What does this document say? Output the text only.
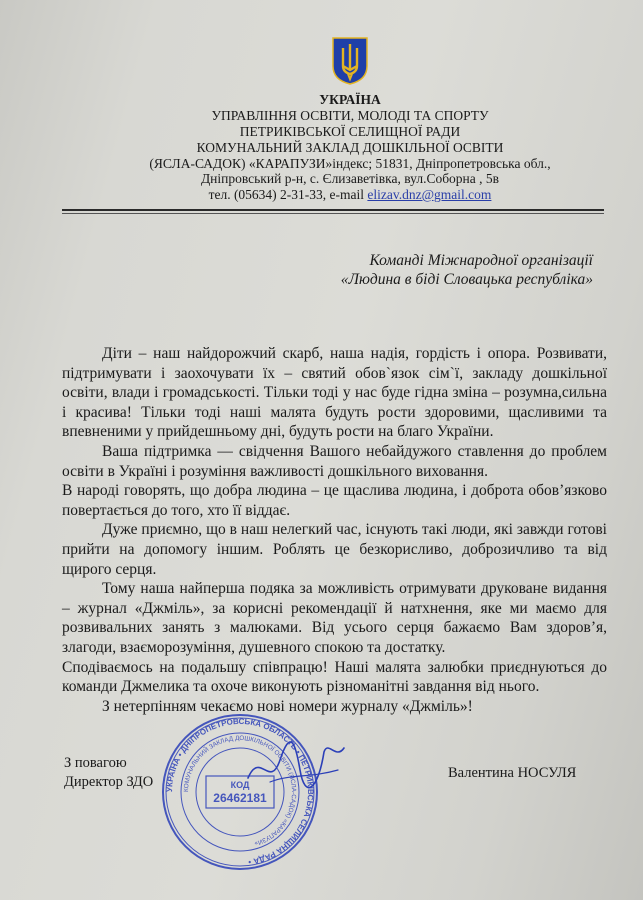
УКРАЇНА
УПРАВЛІННЯ ОСВІТИ, МОЛОДІ ТА СПОРТУ
ПЕТРИКІВСЬКОЇ СЕЛИЩНОЇ РАДИ
КОМУНАЛЬНИЙ ЗАКЛАД ДОШКІЛЬНОЇ ОСВІТИ
(ЯСЛА-САДОК) «КАРАПУЗИ»індекс; 51831, Дніпропетровська обл.,
Дніпровський р-н, с. Єлизаветівка, вул.Соборна , 5в
тел. (05634) 2-31-33, e-mail elizav.dnz@gmail.com
Команді Міжнародної організації
«Людина в біді Словацька республіка»

Діти – наш найдорожчий скарб, наша надія, гордість і опора. Розвивати, підтримувати і заохочувати їх – святий обов`язок сім`ї, закладу дошкільної освіти, влади і громадськості. Тільки тоді у нас буде гідна зміна – розумна,сильна і красива! Тільки тоді наші малята будуть рости здоровими, щасливими та впевненими у прийдешньому дні, будуть рости на благо України.

Ваша підтримка — свідчення Вашого небайдужого ставлення до проблем освіти в Україні і розуміння важливості дошкільного виховання.

В народі говорять, що добра людина – це щаслива людина, і доброта обов’язково повертається до того, хто її віддає.

Дуже приємно, що в наш нелегкий час, існують такі люди, які завжди готові прийти на допомогу іншим. Роблять це безкорисливо, доброзичливо та від щирого серця.

Тому наша найперша подяка за можливість отримувати друковане видання – журнал «Джміль», за корисні рекомендації й натхнення, яке ми маємо для розвивальних занять з малюками. Від усього серця бажаємо Вам здоров’я, злагоди, взаєморозуміння, душевного спокою та достатку.

Сподіваємось на подальшу співпрацю! Наші малята залюбки приєднуються до команди Джмелика та охоче виконують різноманітні завдання від нього.

З нетерпінням чекаємо нові номери журналу «Джміль»!

З повагою
Директор ЗДО
Валентина НОСУЛЯ
УКРАЇНА • ДНІПРОПЕТРОВСЬКА ОБЛАСТЬ • ПЕТРИКІВСЬКА СЕЛИЩНА РАДА •
КОМУНАЛЬНИЙ ЗАКЛАД ДОШКІЛЬНОЇ ОСВІТИ (ЯСЛА-САДОК) «КАРАПУЗИ»
КОД
26462181
